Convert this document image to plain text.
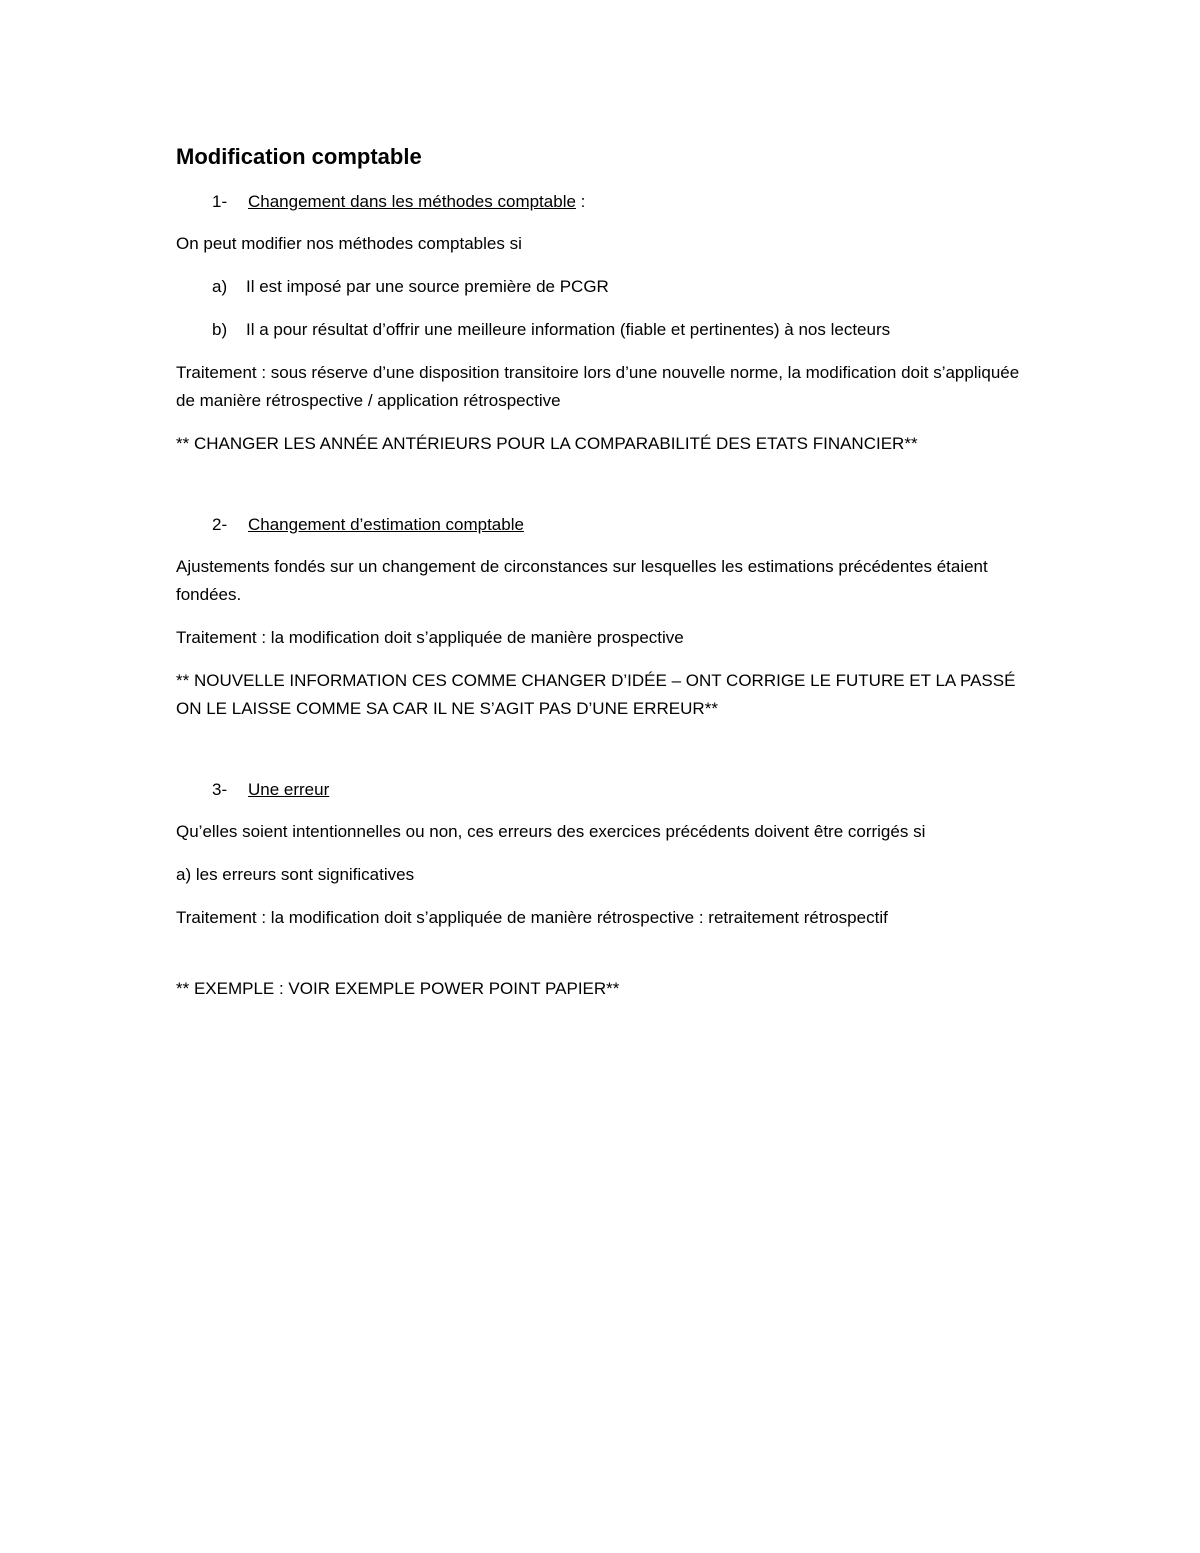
Modification comptable
1-	Changement dans les méthodes comptable :

On peut modifier nos méthodes comptables si

a)	Il est imposé par une source première de PCGR
b)	Il a pour résultat d’offrir une meilleure information (fiable et pertinentes) à nos lecteurs

Traitement : sous réserve d’une disposition transitoire lors d’une nouvelle norme, la modification doit s’appliquée de manière rétrospective / application rétrospective

** CHANGER LES ANNÉE ANTÉRIEURS POUR LA COMPARABILITÉ DES ETATS FINANCIER**

2-	Changement d’estimation comptable

Ajustements fondés sur un changement de circonstances sur lesquelles les estimations précédentes étaient fondées.

Traitement : la modification doit s’appliquée de manière prospective

** NOUVELLE INFORMATION CES COMME CHANGER D’IDÉE – ONT CORRIGE LE FUTURE ET LA PASSÉ ON LE LAISSE COMME SA CAR IL NE S’AGIT PAS D’UNE ERREUR**

3-	Une erreur

Qu’elles soient intentionnelles ou non, ces erreurs des exercices précédents doivent être corrigés si

a) les erreurs sont significatives

Traitement : la modification doit s’appliquée de manière rétrospective : retraitement rétrospectif

** EXEMPLE : VOIR EXEMPLE POWER POINT PAPIER**
